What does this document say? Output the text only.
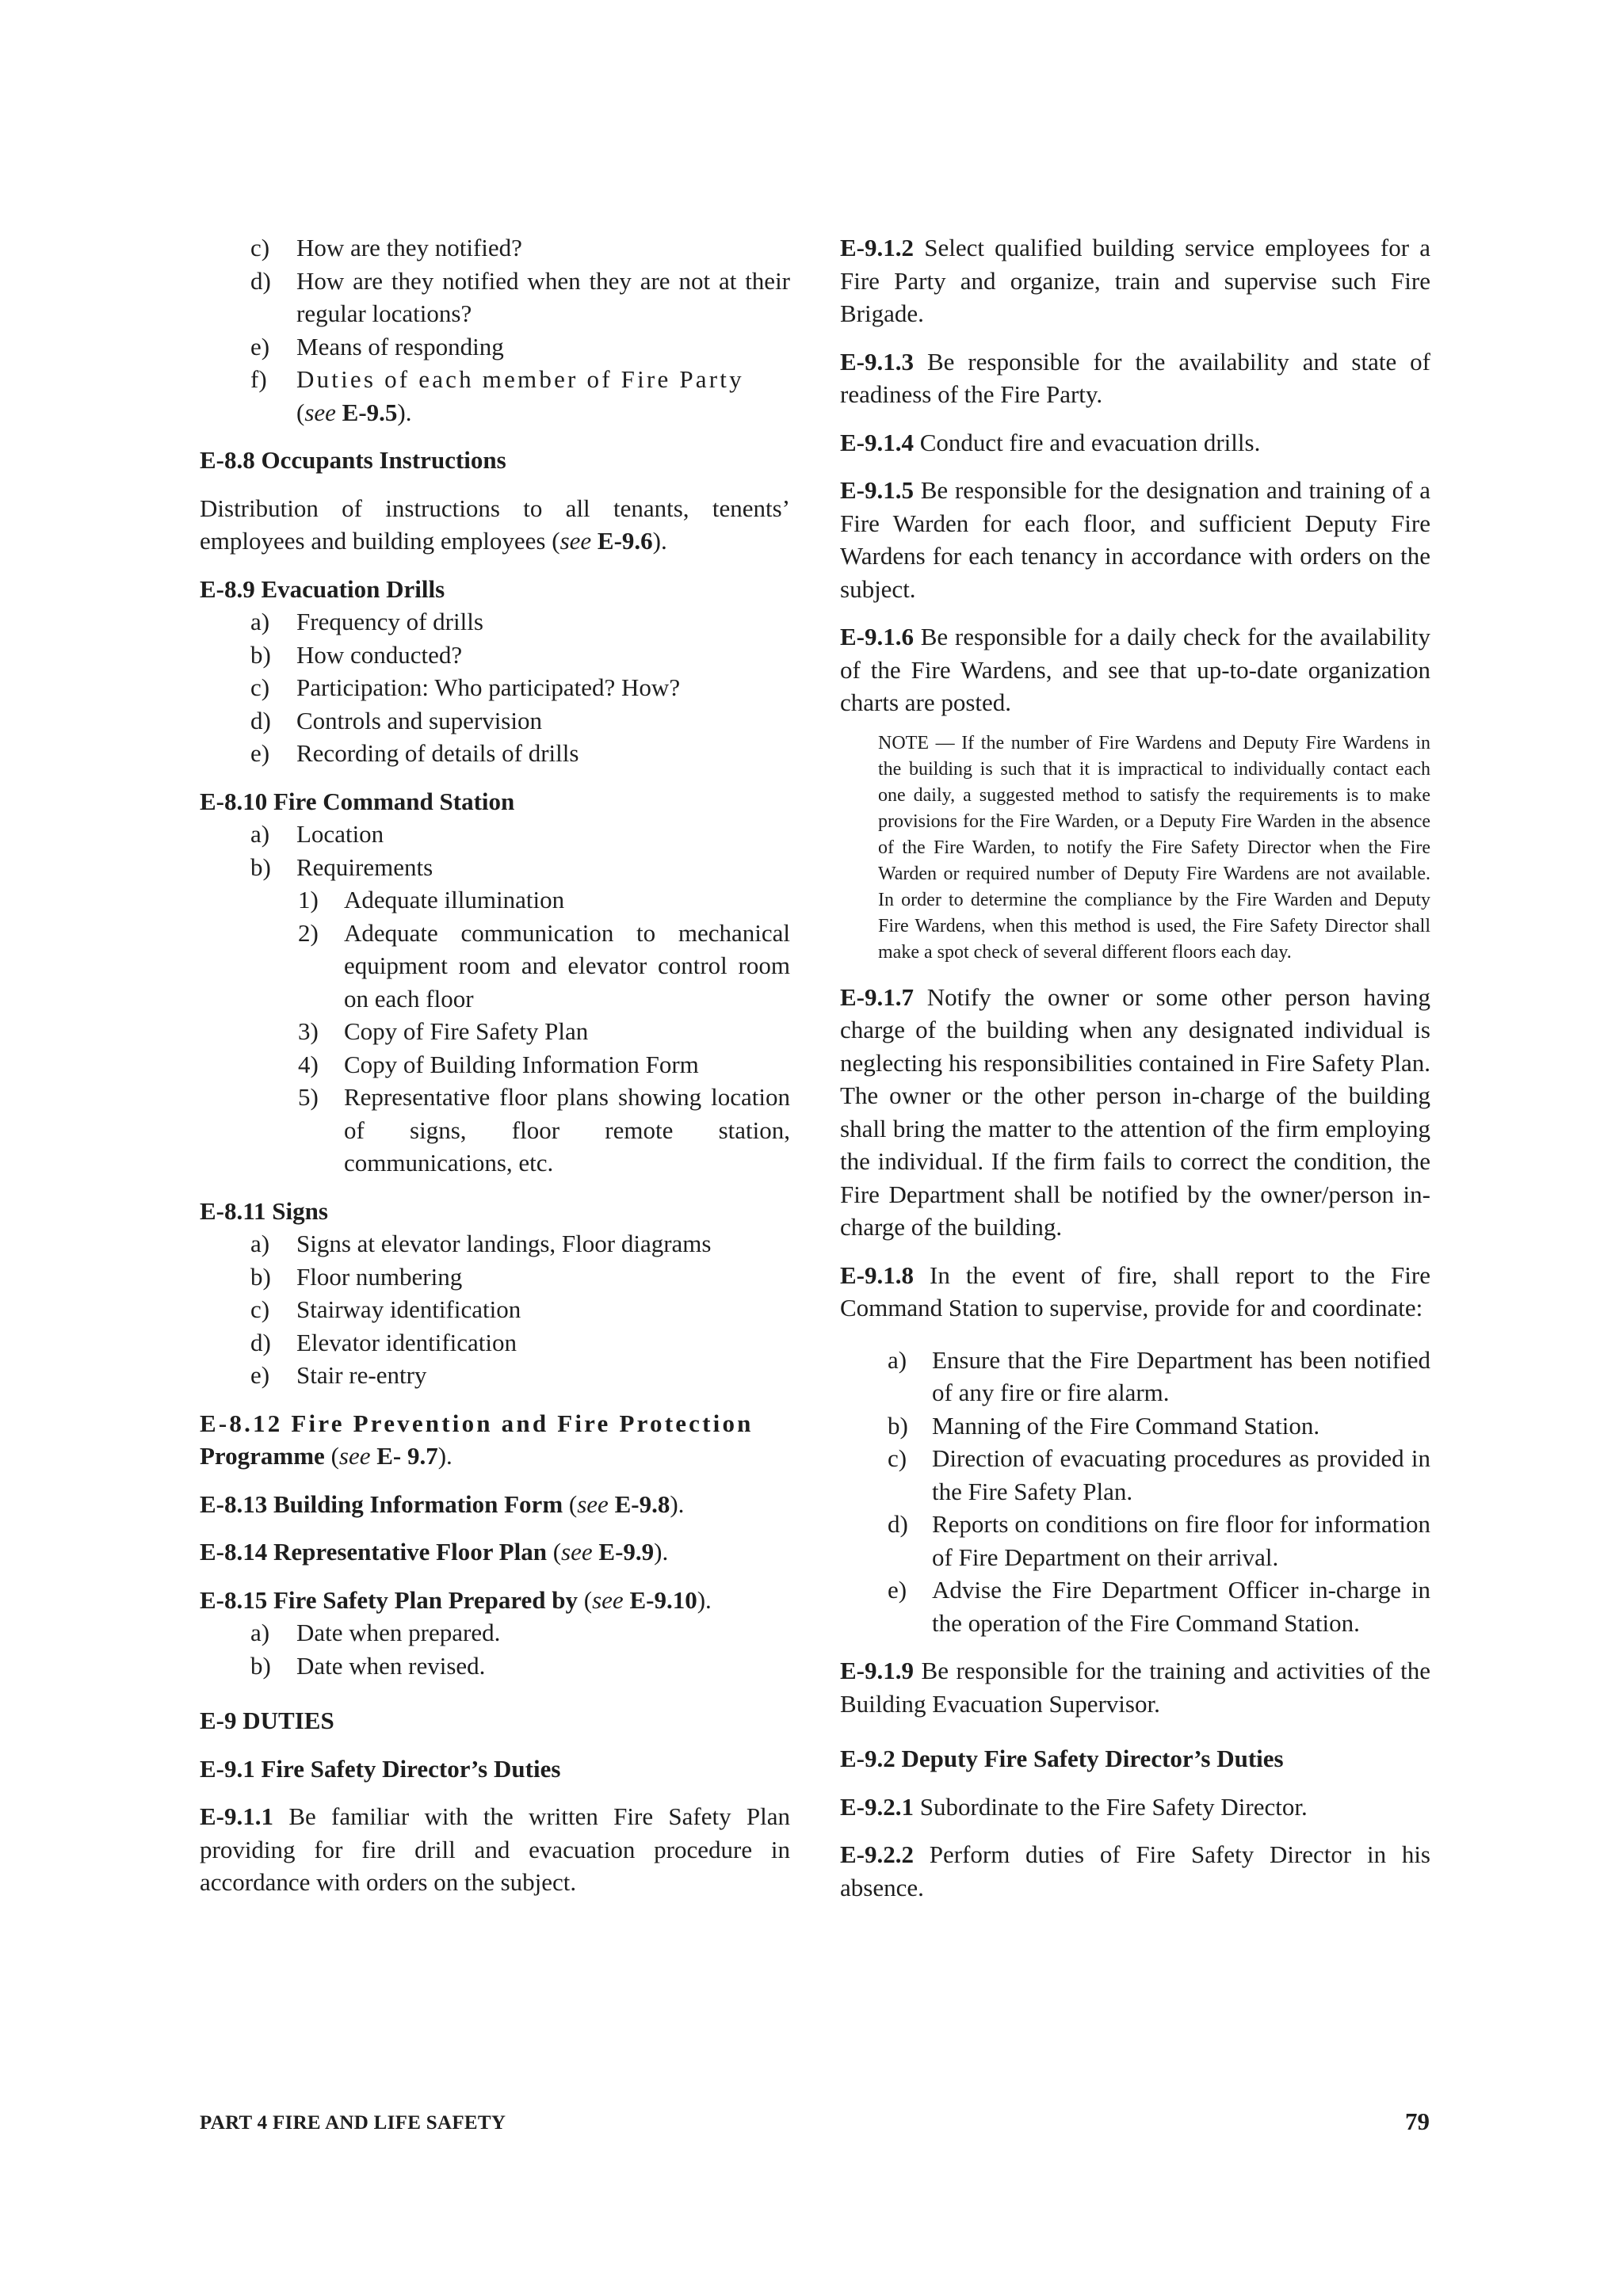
c)	How are they notified?
d)	How are they notified when they are not at their regular locations?
e)	Means of responding
f)	Duties of each member of Fire Party
(see E-9.5).

E-8.8 Occupants Instructions

Distribution of instructions to all tenants, tenents’ employees and building employees (see E-9.6).

E-8.9 Evacuation Drills

a)	Frequency of drills
b)	How conducted?
c)	Participation: Who participated? How?
d)	Controls and supervision
e)	Recording of details of drills

E-8.10 Fire Command Station

a)	Location
b)	Requirements
1)	Adequate illumination
2)	Adequate communication to mechanical equipment room and elevator control room on each floor
3)	Copy of Fire Safety Plan
4)	Copy of Building Information Form
5)	Representative floor plans showing location of signs, floor remote station, communications, etc.

E-8.11 Signs

a)	Signs at elevator landings, Floor diagrams
b)	Floor numbering
c)	Stairway identification
d)	Elevator identification
e)	Stair re-entry

E-8.12 Fire Prevention and Fire Protection
Programme (see E- 9.7).

E-8.13 Building Information Form (see E-9.8).

E-8.14 Representative Floor Plan (see E-9.9).

E-8.15 Fire Safety Plan Prepared by (see E-9.10).

a)	Date when prepared.
b)	Date when revised.

E-9 DUTIES

E-9.1 Fire Safety Director’s Duties

E-9.1.1 Be familiar with the written Fire Safety Plan providing for fire drill and evacuation procedure in accordance with orders on the subject.

E-9.1.2 Select qualified building service employees for a Fire Party and organize, train and supervise such Fire Brigade.

E-9.1.3 Be responsible for the availability and state of readiness of the Fire Party.

E-9.1.4 Conduct fire and evacuation drills.

E-9.1.5 Be responsible for the designation and training of a Fire Warden for each floor, and sufficient Deputy Fire Wardens for each tenancy in accordance with orders on the subject.

E-9.1.6 Be responsible for a daily check for the availability of the Fire Wardens, and see that up-to-date organization charts are posted.

NOTE — If the number of Fire Wardens and Deputy Fire Wardens in the building is such that it is impractical to individually contact each one daily, a suggested method to satisfy the requirements is to make provisions for the Fire Warden, or a Deputy Fire Warden in the absence of the Fire Warden, to notify the Fire Safety Director when the Fire Warden or required number of Deputy Fire Wardens are not available. In order to determine the compliance by the Fire Warden and Deputy Fire Wardens, when this method is used, the Fire Safety Director shall make a spot check of several different floors each day.

E-9.1.7 Notify the owner or some other person having charge of the building when any designated individual is neglecting his responsibilities contained in Fire Safety Plan. The owner or the other person in-charge of the building shall bring the matter to the attention of the firm employing the individual. If the firm fails to correct the condition, the Fire Department shall be notified by the owner/person in-charge of the building.

E-9.1.8 In the event of fire, shall report to the Fire Command Station to supervise, provide for and coordinate:

a)	Ensure that the Fire Department has been notified of any fire or fire alarm.
b) Manning of the Fire Command Station.
c)	Direction of evacuating procedures as provided in the Fire Safety Plan.
d) Reports on conditions on fire floor for information of Fire Department on their arrival.
e)	Advise the Fire Department Officer in-charge in the operation of the Fire Command Station.

E-9.1.9 Be responsible for the training and activities of the Building Evacuation Supervisor.

E-9.2 Deputy Fire Safety Director’s Duties

E-9.2.1 Subordinate to the Fire Safety Director.

E-9.2.2 Perform duties of Fire Safety Director in his absence.

PART 4 FIRE AND LIFE SAFETY	79
